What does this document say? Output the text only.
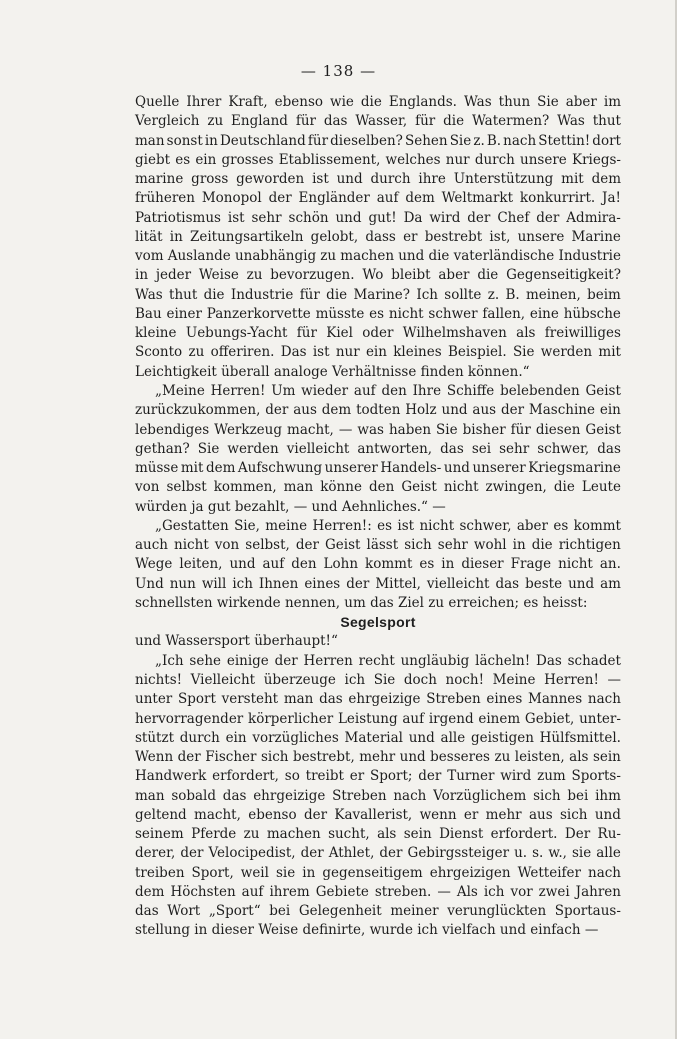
— 138 —
Quelle Ihrer Kraft, ebenso wie die Englands. Was thun Sie aber im
Vergleich zu England für das Wasser, für die Watermen? Was thut
man sonst in Deutschland für dieselben? Sehen Sie z. B. nach Stettin! dort
giebt es ein grosses Etablissement, welches nur durch unsere Kriegs-
marine gross geworden ist und durch ihre Unterstützung mit dem
früheren Monopol der Engländer auf dem Weltmarkt konkurrirt. Ja!
Patriotismus ist sehr schön und gut! Da wird der Chef der Admira-
lität in Zeitungsartikeln gelobt, dass er bestrebt ist, unsere Marine
vom Auslande unabhängig zu machen und die vaterländische Industrie
in jeder Weise zu bevorzugen. Wo bleibt aber die Gegenseitigkeit?
Was thut die Industrie für die Marine? Ich sollte z. B. meinen, beim
Bau einer Panzerkorvette müsste es nicht schwer fallen, eine hübsche
kleine Uebungs-Yacht für Kiel oder Wilhelmshaven als freiwilliges
Sconto zu offeriren. Das ist nur ein kleines Beispiel. Sie werden mit
Leichtigkeit überall analoge Verhältnisse finden können.“
„Meine Herren! Um wieder auf den Ihre Schiffe belebenden Geist
zurückzukommen, der aus dem todten Holz und aus der Maschine ein
lebendiges Werkzeug macht, — was haben Sie bisher für diesen Geist
gethan? Sie werden vielleicht antworten, das sei sehr schwer, das
müsse mit dem Aufschwung unserer Handels- und unserer Kriegsmarine
von selbst kommen, man könne den Geist nicht zwingen, die Leute
würden ja gut bezahlt, — und Aehnliches.“ —
„Gestatten Sie, meine Herren!: es ist nicht schwer, aber es kommt
auch nicht von selbst, der Geist lässt sich sehr wohl in die richtigen
Wege leiten, und auf den Lohn kommt es in dieser Frage nicht an.
Und nun will ich Ihnen eines der Mittel, vielleicht das beste und am
schnellsten wirkende nennen, um das Ziel zu erreichen; es heisst:
Segelsport
und Wassersport überhaupt!“
„Ich sehe einige der Herren recht ungläubig lächeln! Das schadet
nichts! Vielleicht überzeuge ich Sie doch noch! Meine Herren! —
unter Sport versteht man das ehrgeizige Streben eines Mannes nach
hervorragender körperlicher Leistung auf irgend einem Gebiet, unter-
stützt durch ein vorzügliches Material und alle geistigen Hülfsmittel.
Wenn der Fischer sich bestrebt, mehr und besseres zu leisten, als sein
Handwerk erfordert, so treibt er Sport; der Turner wird zum Sports-
man sobald das ehrgeizige Streben nach Vorzüglichem sich bei ihm
geltend macht, ebenso der Kavallerist, wenn er mehr aus sich und
seinem Pferde zu machen sucht, als sein Dienst erfordert. Der Ru-
derer, der Velocipedist, der Athlet, der Gebirgssteiger u. s. w., sie alle
treiben Sport, weil sie in gegenseitigem ehrgeizigen Wetteifer nach
dem Höchsten auf ihrem Gebiete streben. — Als ich vor zwei Jahren
das Wort „Sport“ bei Gelegenheit meiner verunglückten Sportaus-
stellung in dieser Weise definirte, wurde ich vielfach und einfach —
